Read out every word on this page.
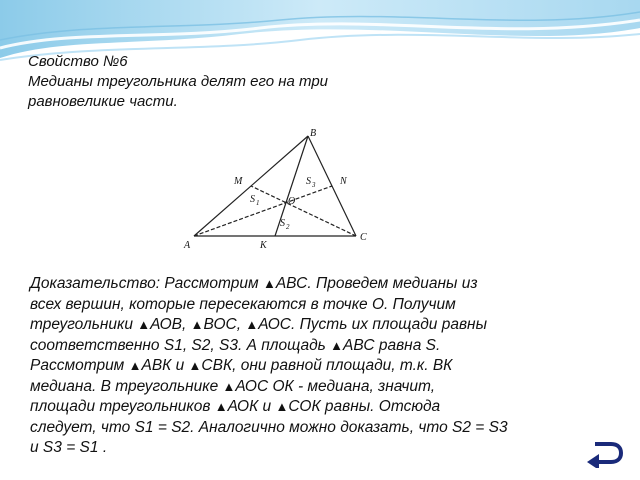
Свойство №6
Медианы треугольника делят его на три
равновеликие части.
B
A
C
M	N
K
O
S 1
S 2
S 3
Доказательство: Рассмотрим ▲АВС. Проведем медианы из
всех вершин, которые пересекаются в точке О. Получим
треугольники ▲АОВ, ▲ВОС, ▲АОС. Пусть их площади равны
соответственно S1, S2, S3. А площадь ▲АВС равна S.
Рассмотрим ▲АВК и ▲СВК, они равной площади, т.к. ВК
медиана. В треугольнике ▲АОС ОК - медиана, значит,
площади треугольников ▲АОК и ▲СОК равны. Отсюда
следует, что S1 = S2. Аналогично можно доказать, что S2 = S3
и S3 = S1 .
